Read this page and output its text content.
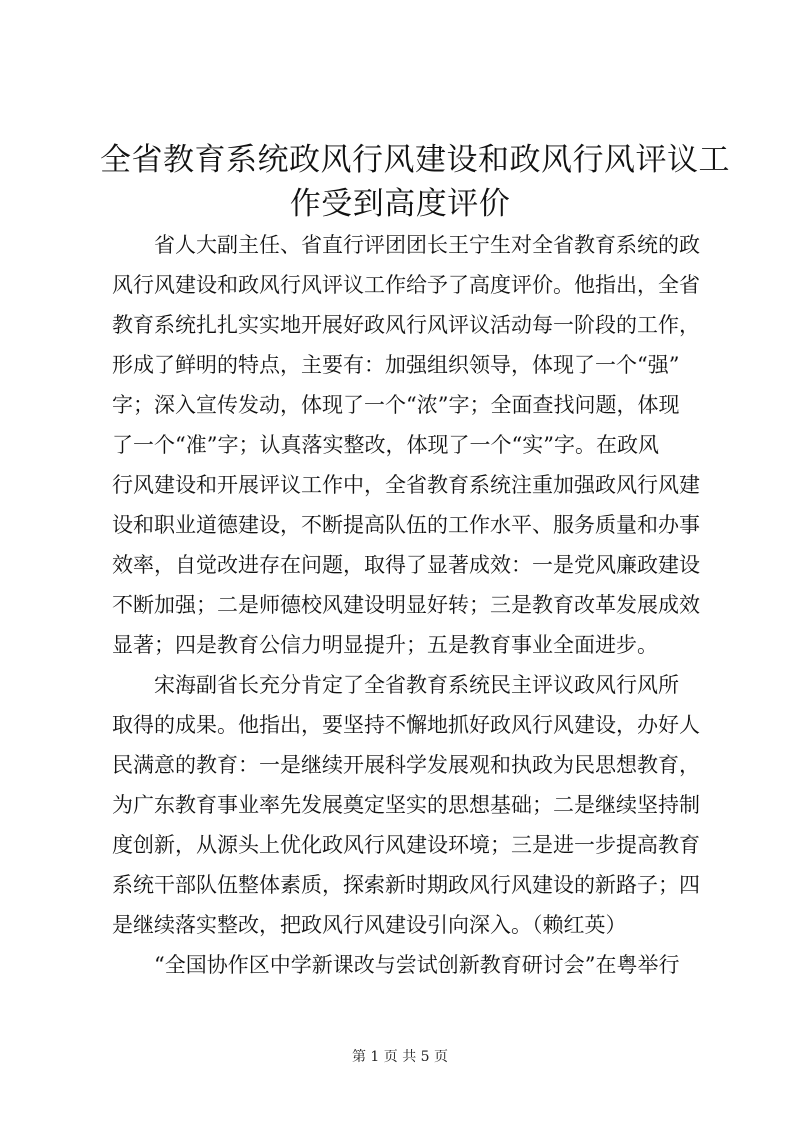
全省教育系统政风行风建设和政风行风评议工
作受到高度评价
省人大副主任、省直行评团团长王宁生对全省教育系统的政
风行风建设和政风行风评议工作给予了高度评价。他指出，全省
教育系统扎扎实实地开展好政风行风评议活动每一阶段的工作，
形成了鲜明的特点，主要有：加强组织领导，体现了一个“强”
字；深入宣传发动，体现了一个“浓”字；全面查找问题，体现
了一个“准”字；认真落实整改，体现了一个“实”字。在政风
行风建设和开展评议工作中，全省教育系统注重加强政风行风建
设和职业道德建设，不断提高队伍的工作水平、服务质量和办事
效率，自觉改进存在问题，取得了显著成效：一是党风廉政建设
不断加强；二是师德校风建设明显好转；三是教育改革发展成效
显著；四是教育公信力明显提升；五是教育事业全面进步。
宋海副省长充分肯定了全省教育系统民主评议政风行风所
取得的成果。他指出，要坚持不懈地抓好政风行风建设，办好人
民满意的教育：一是继续开展科学发展观和执政为民思想教育，
为广东教育事业率先发展奠定坚实的思想基础；二是继续坚持制
度创新，从源头上优化政风行风建设环境；三是进一步提高教育
系统干部队伍整体素质，探索新时期政风行风建设的新路子；四
是继续落实整改，把政风行风建设引向深入。（赖红英）
“全国协作区中学新课改与尝试创新教育研讨会”在粤举行
第 1 页 共 5 页
